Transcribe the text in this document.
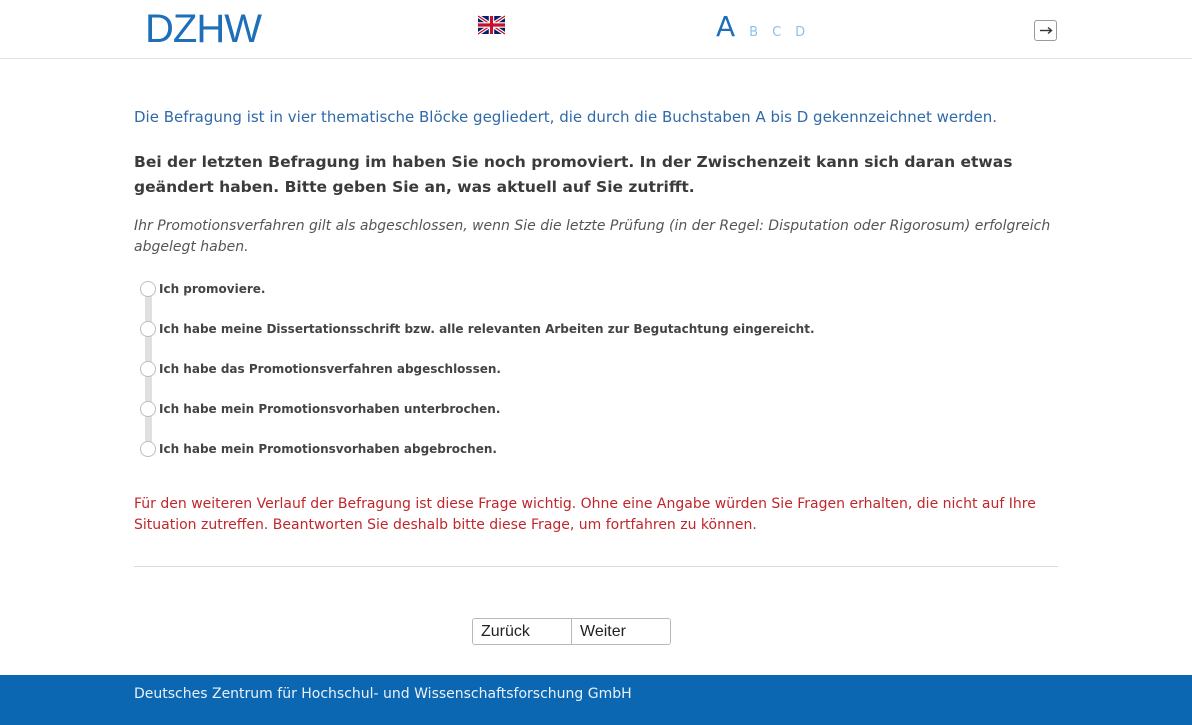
DZHW	A B C D

Die Befragung ist in vier thematische Blöcke gegliedert, die durch die Buchstaben A bis D gekennzeichnet werden.

Bei der letzten Befragung im haben Sie noch promoviert. In der Zwischenzeit kann sich daran etwas geändert haben. Bitte geben Sie an, was aktuell auf Sie zutrifft.

Ihr Promotionsverfahren gilt als abgeschlossen, wenn Sie die letzte Prüfung (in der Regel: Disputation oder Rigorosum) erfolgreich abgelegt haben.

Ich promoviere.
Ich habe meine Dissertationsschrift bzw. alle relevanten Arbeiten zur Begutachtung eingereicht.
Ich habe das Promotionsverfahren abgeschlossen.
Ich habe mein Promotionsvorhaben unterbrochen.
Ich habe mein Promotionsvorhaben abgebrochen.

Für den weiteren Verlauf der Befragung ist diese Frage wichtig. Ohne eine Angabe würden Sie Fragen erhalten, die nicht auf Ihre Situation zutreffen. Beantworten Sie deshalb bitte diese Frage, um fortfahren zu können.

Zurück	Weiter
Deutsches Zentrum für Hochschul- und Wissenschaftsforschung GmbH
